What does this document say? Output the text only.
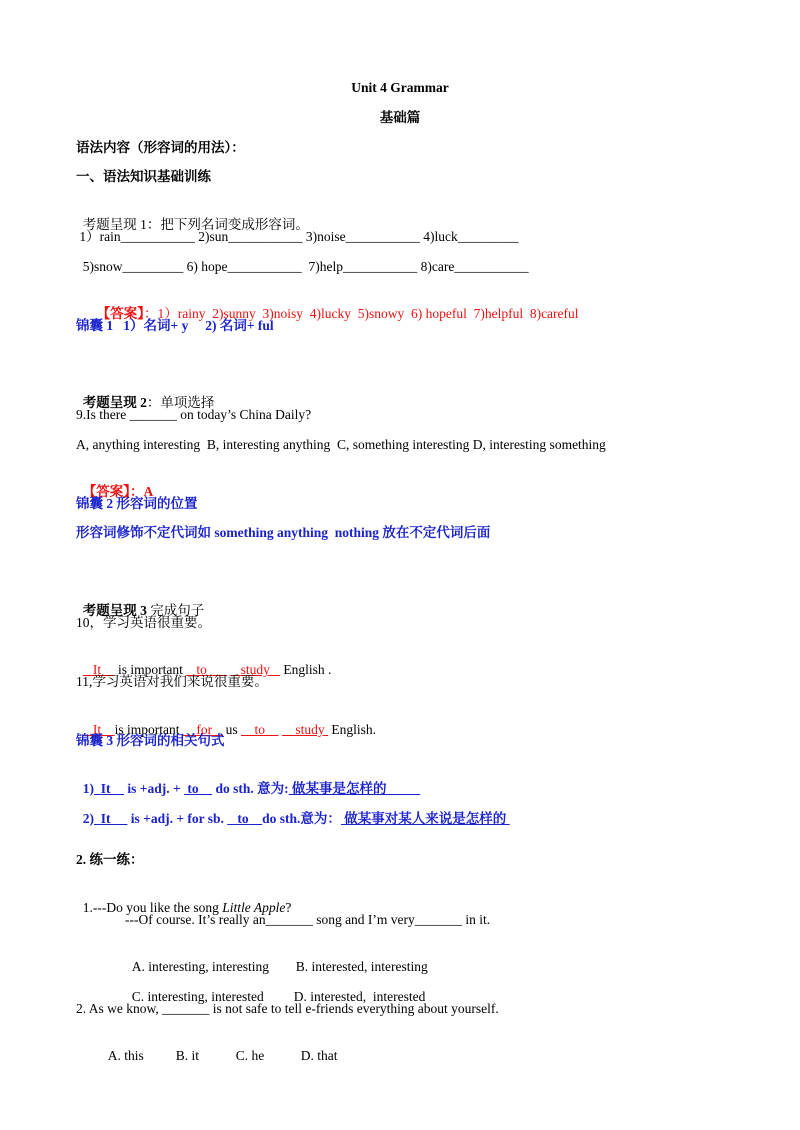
Unit 4 Grammar
基础篇
语法内容（形容词的用法）：
一、语法知识基础训练

考题呈现 1：把下列名词变成形容词。

1）rain___________ 2)sun___________ 3)noise___________ 4)luck_________
5)snow_________ 6) hope___________  7)help___________ 8)care___________

【答案】：1）rainy  2)sunny  3)noisy  4)lucky  5)snowy  6) hopeful  7)helpful  8)careful

锦囊 1   1）名词+ y     2) 名词+ ful

考题呈现 2：单项选择

9.Is there _______ on today’s China Daily?
A, anything interesting  B, interesting anything  C, something interesting D, interesting something

【答案】：A

锦囊 2 形容词的位置
形容词修饰不定代词如 something anything  nothing 放在不定代词后面

考题呈现 3 完成句子

10，学习英语很重要。

It     is important    to	study    English .

11,学习英语对我们来说很重要。

It is important     for    us     to study  English.

锦囊 3 形容词的相关句式

1) It     is +adj. +  to     do sth. 意为: 做某事是怎样的

2) It      is +adj. + for sb.    to do sth.意为： 做某事对某人来说是怎样的

2. 练一练：

1.---Do you like the song Little Apple?

---Of course. It’s really an_______ song and I’m very_______ in it.

A. interesting, interesting B. interested, interesting

C. interesting, interested D. interested,  interested

2. As we know, _______ is not safe to tell e-friends everything about yourself.

A. this B. it	C. he	D. that
